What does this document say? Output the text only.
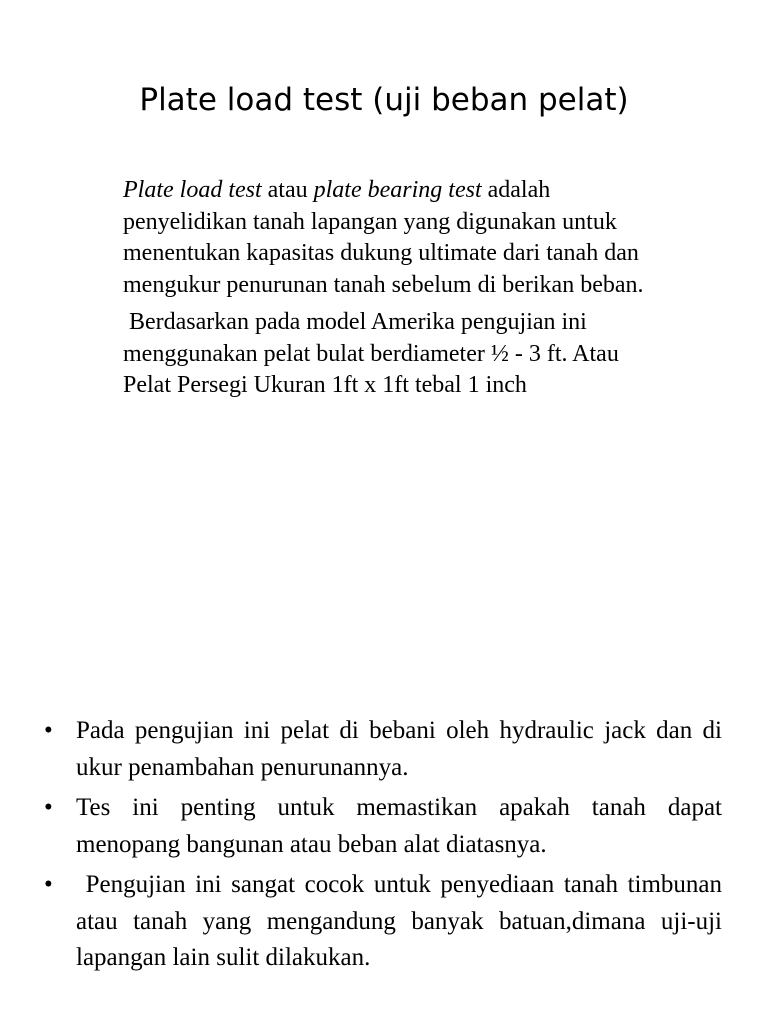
Plate load test (uji beban pelat)

Plate load test atau plate bearing test adalah penyelidikan tanah lapangan yang digunakan untuk menentukan kapasitas dukung ultimate dari tanah dan mengukur penurunan tanah sebelum di berikan beban.

Berdasarkan pada model Amerika pengujian ini menggunakan pelat bulat berdiameter ½ - 3 ft. Atau Pelat Persegi Ukuran 1ft x 1ft tebal 1 inch

• Pada pengujian ini pelat di bebani oleh hydraulic jack dan di ukur penambahan penurunannya.
• Tes ini penting untuk memastikan apakah tanah dapat menopang bangunan atau beban alat diatasnya.
• Pengujian ini sangat cocok untuk penyediaan tanah timbunan atau tanah yang mengandung banyak batuan,dimana uji-uji lapangan lain sulit dilakukan.
